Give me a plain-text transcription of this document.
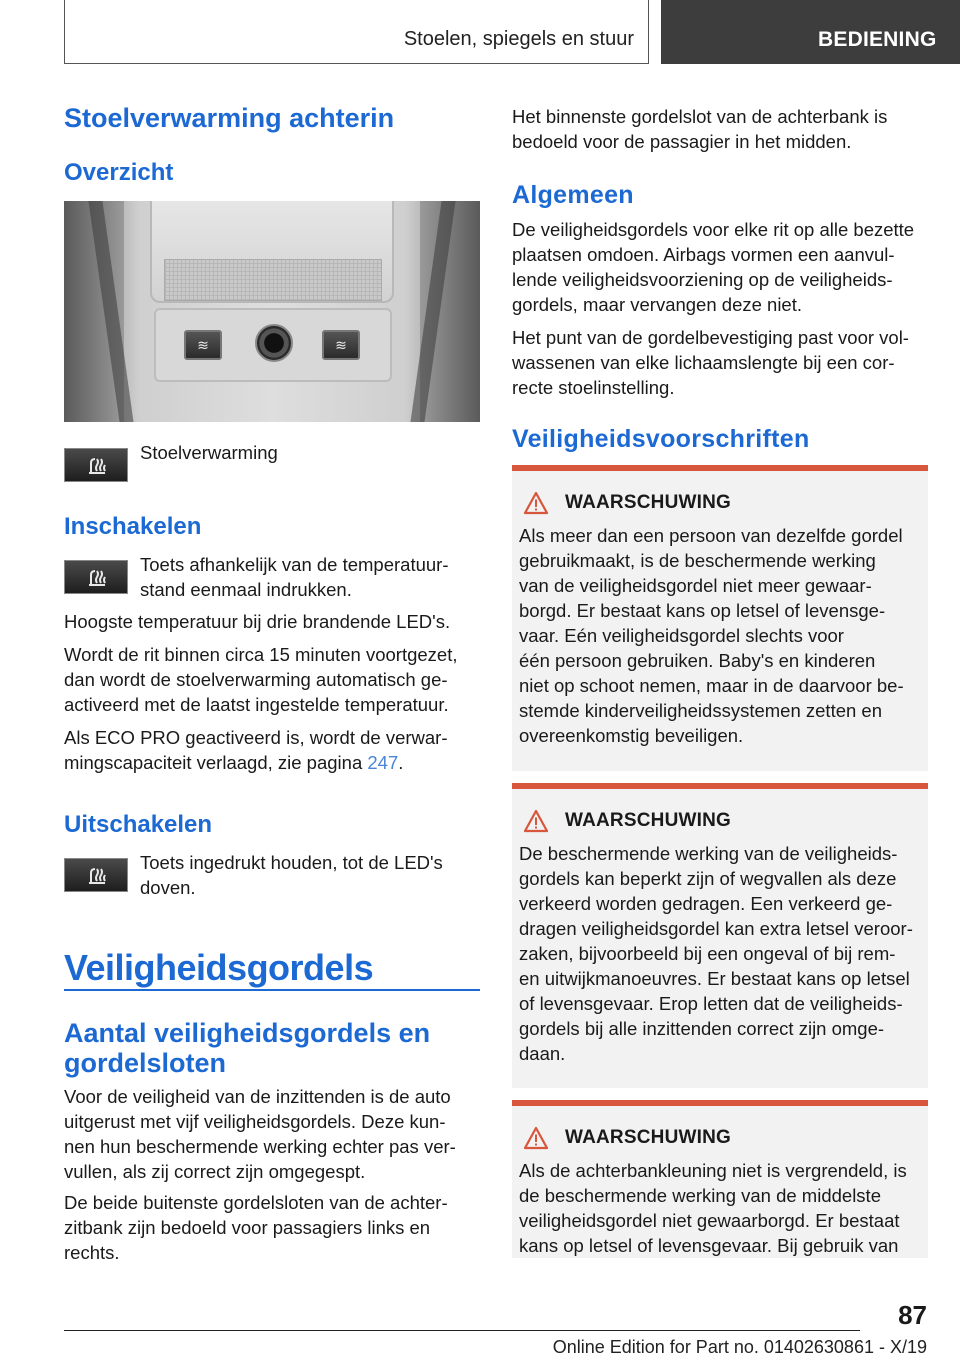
Stoelen, spiegels en stuur	BEDIENING
Stoelverwarming achterin
Overzicht
≋	≋
Stoelverwarming
Inschakelen

Toets afhankelijk van de temperatuur-

stand eenmaal indrukken.

Hoogste temperatuur bij drie brandende LED's.

Wordt de rit binnen circa 15 minuten voortgezet,

dan wordt de stoelverwarming automatisch ge-

activeerd met de laatst ingestelde temperatuur.

Als ECO PRO geactiveerd is, wordt de verwar-

mingscapaciteit verlaagd, zie pagina 247.

Uitschakelen

Toets ingedrukt houden, tot de LED's

doven.

Veiligheidsgordels
Aantal veiligheidsgordels en
gordelsloten

Voor de veiligheid van de inzittenden is de auto

uitgerust met vijf veiligheidsgordels. Deze kun-

nen hun beschermende werking echter pas ver-

vullen, als zij correct zijn omgegespt.

De beide buitenste gordelsloten van de achter-

zitbank zijn bedoeld voor passagiers links en

rechts.

Het binnenste gordelslot van de achterbank is

bedoeld voor de passagier in het midden.

Algemeen

De veiligheidsgordels voor elke rit op alle bezette

plaatsen omdoen. Airbags vormen een aanvul-

lende veiligheidsvoorziening op de veiligheids-

gordels, maar vervangen deze niet.

Het punt van de gordelbevestiging past voor vol-

wassenen van elke lichaamslengte bij een cor-

recte stoelinstelling.

Veiligheidsvoorschriften
WAARSCHUWING
Als meer dan een persoon van dezelfde gordel
gebruikmaakt, is de beschermende werking
van de veiligheidsgordel niet meer gewaar-
borgd. Er bestaat kans op letsel of levensge-
vaar. Eén veiligheidsgordel slechts voor
één persoon gebruiken. Baby's en kinderen
niet op schoot nemen, maar in de daarvoor be-
stemde kinderveiligheidssystemen zetten en
overeenkomstig beveiligen.
WAARSCHUWING
De beschermende werking van de veiligheids-
gordels kan beperkt zijn of wegvallen als deze
verkeerd worden gedragen. Een verkeerd ge-
dragen veiligheidsgordel kan extra letsel veroor-
zaken, bijvoorbeeld bij een ongeval of bij rem-
en uitwijkmanoeuvres. Er bestaat kans op letsel
of levensgevaar. Erop letten dat de veiligheids-
gordels bij alle inzittenden correct zijn omge-
daan.
WAARSCHUWING
Als de achterbankleuning niet is vergrendeld, is
de beschermende werking van de middelste
veiligheidsgordel niet gewaarborgd. Er bestaat
kans op letsel of levensgevaar. Bij gebruik van
87
Online Edition for Part no. 01402630861 - X/19
